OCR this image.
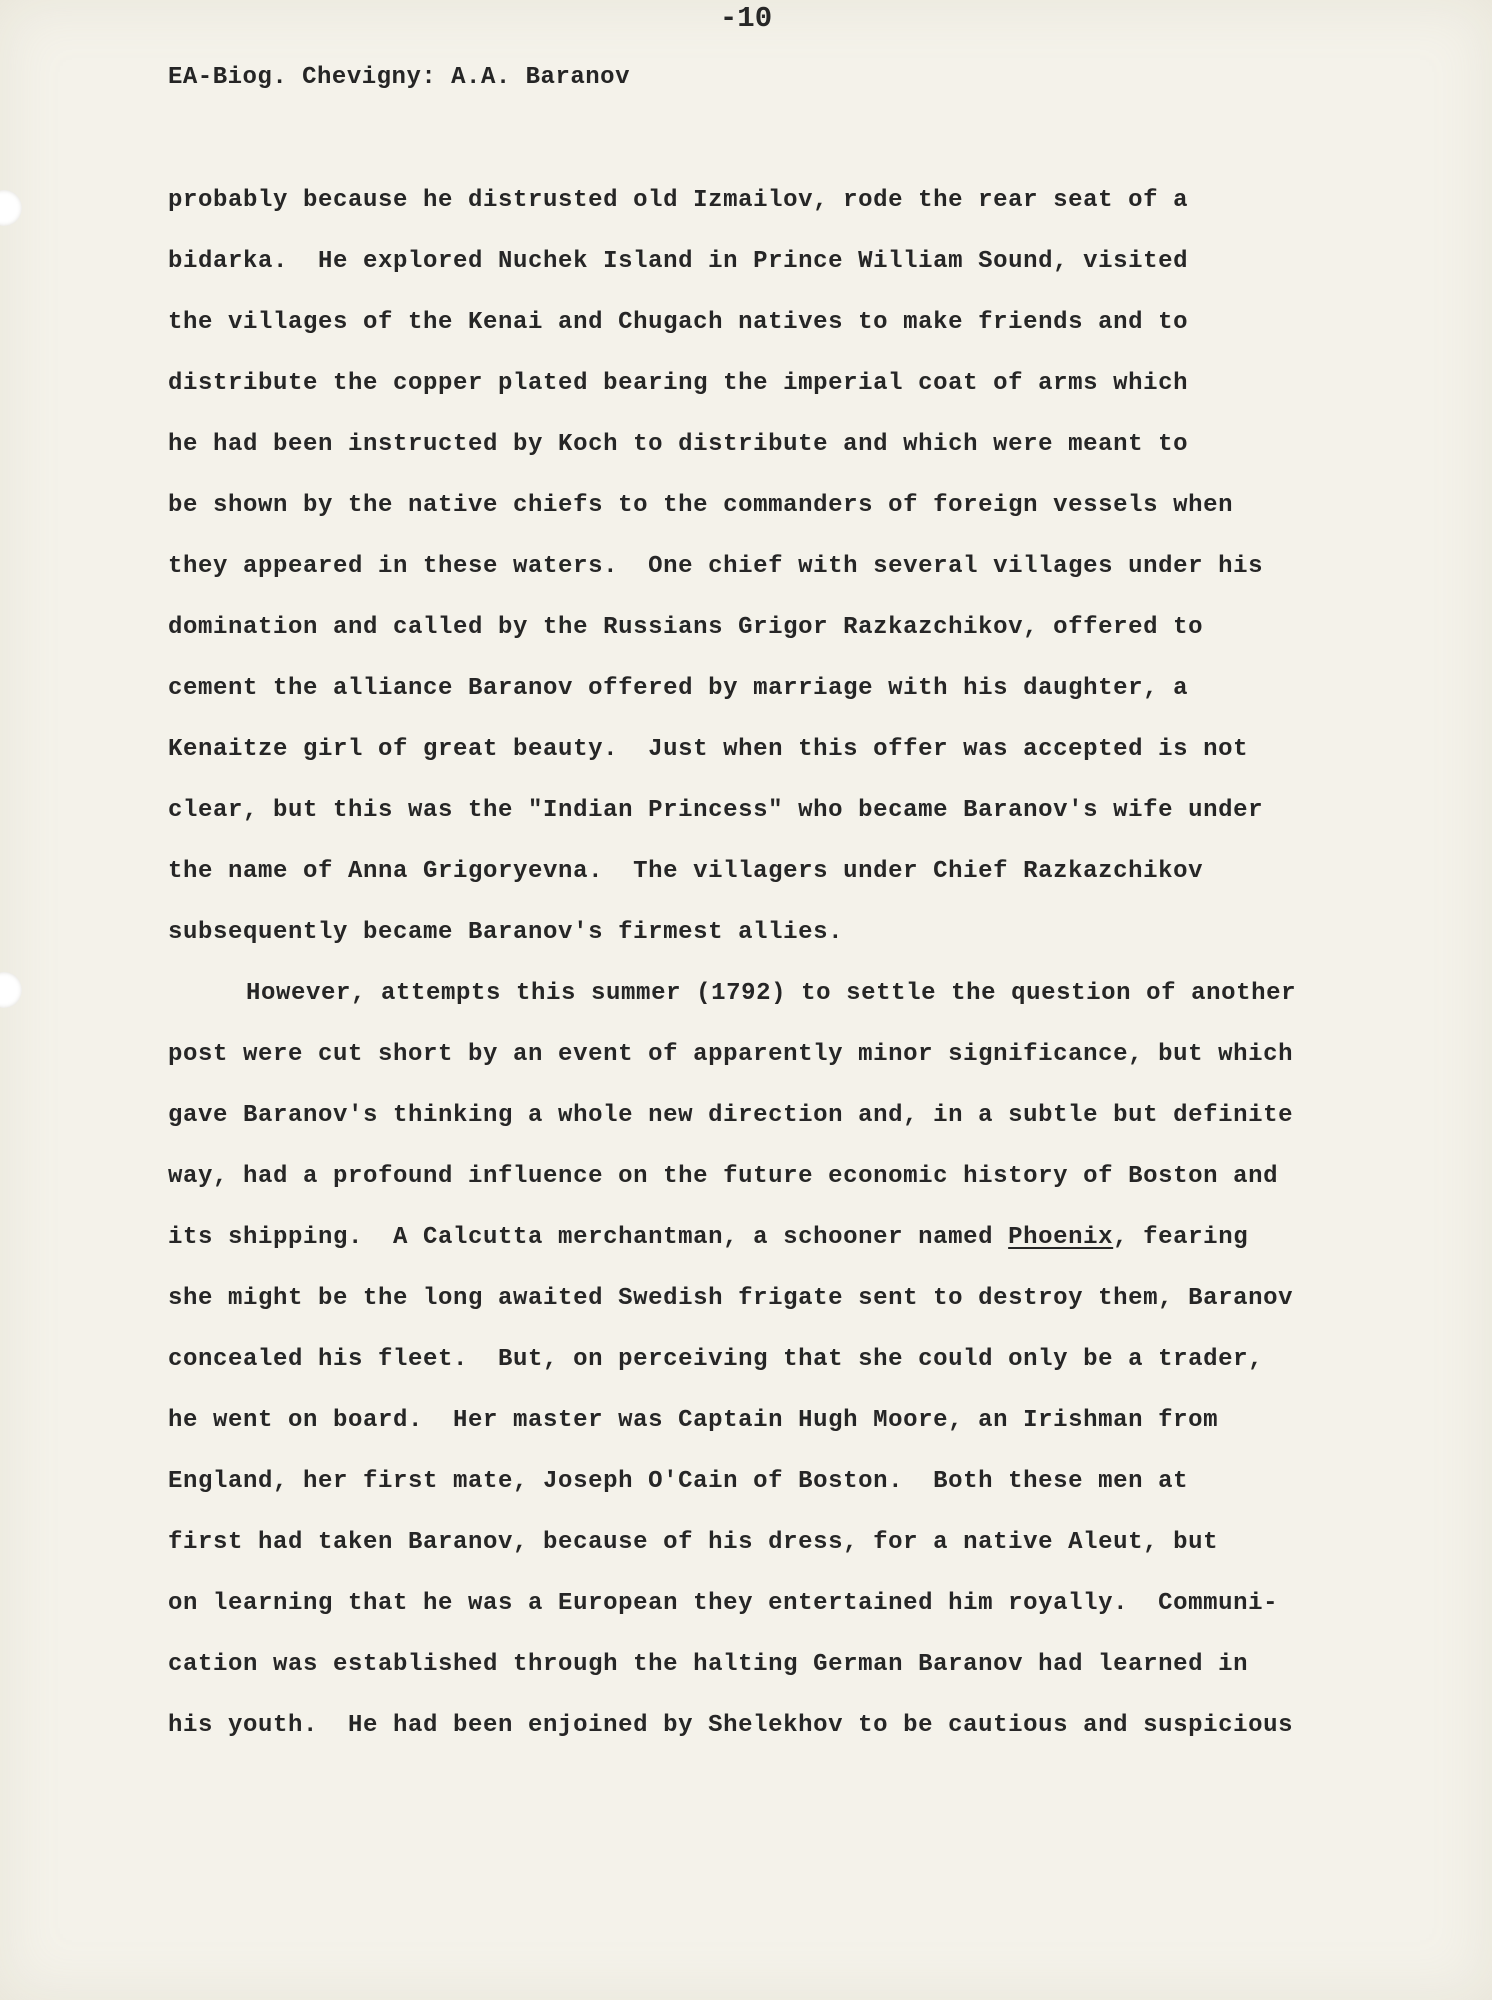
-10
EA-Biog. Chevigny: A.A. Baranov
probably because he distrusted old Izmailov, rode the rear seat of a
bidarka.  He explored Nuchek Island in Prince William Sound, visited
the villages of the Kenai and Chugach natives to make friends and to
distribute the copper plated bearing the imperial coat of arms which
he had been instructed by Koch to distribute and which were meant to
be shown by the native chiefs to the commanders of foreign vessels when
they appeared in these waters.  One chief with several villages under his
domination and called by the Russians Grigor Razkazchikov, offered to
cement the alliance Baranov offered by marriage with his daughter, a
Kenaitze girl of great beauty.  Just when this offer was accepted is not
clear, but this was the "Indian Princess" who became Baranov's wife under
the name of Anna Grigoryevna.  The villagers under Chief Razkazchikov
subsequently became Baranov's firmest allies.
However, attempts this summer (1792) to settle the question of another
post were cut short by an event of apparently minor significance, but which
gave Baranov's thinking a whole new direction and, in a subtle but definite
way, had a profound influence on the future economic history of Boston and
its shipping.  A Calcutta merchantman, a schooner named Phoenix, fearing
she might be the long awaited Swedish frigate sent to destroy them, Baranov
concealed his fleet.  But, on perceiving that she could only be a trader,
he went on board.  Her master was Captain Hugh Moore, an Irishman from
England, her first mate, Joseph O'Cain of Boston.  Both these men at
first had taken Baranov, because of his dress, for a native Aleut, but
on learning that he was a European they entertained him royally.  Communi-
cation was established through the halting German Baranov had learned in
his youth.  He had been enjoined by Shelekhov to be cautious and suspicious
